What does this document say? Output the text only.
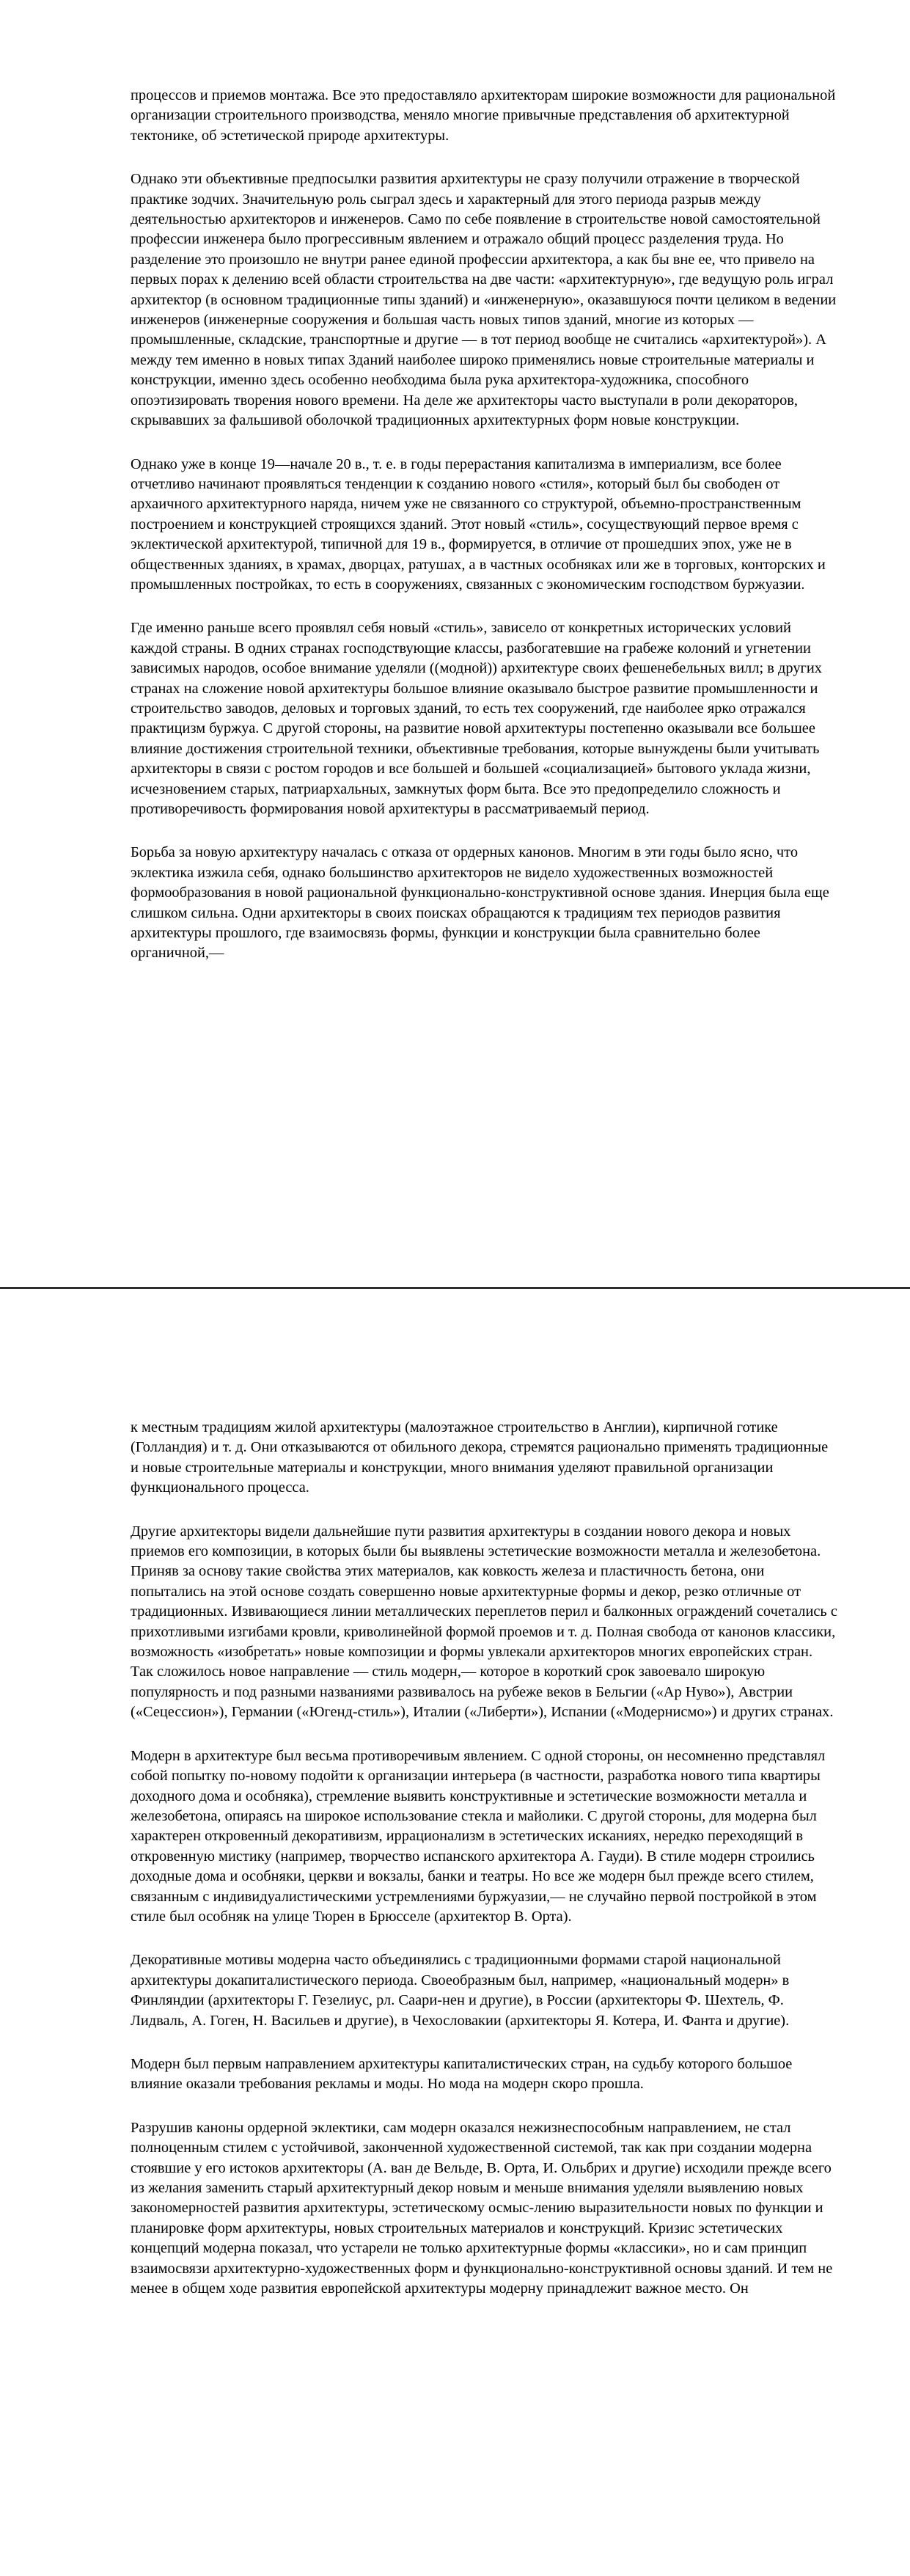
процессов и приемов монтажа. Все это предоставляло архитекторам широкие возможности для рациональной организации строительного производства, меняло многие привычные представления об архитектурной тектонике, об эстетической природе архитектуры.

Однако эти объективные предпосылки развития архитектуры не сразу получили отражение в творческой практике зодчих. Значительную роль сыграл здесь и характерный для этого периода разрыв между деятельностью архитекторов и инженеров. Само по себе появление в строительстве новой самостоятельной профессии инженера было прогрессивным явлением и отражало общий процесс разделения труда. Но разделение это произошло не внутри ранее единой профессии архитектора, а как бы вне ее, что привело на первых порах к делению всей области строительства на две части: «архитектурную», где ведущую роль играл архитектор (в основном традиционные типы зданий) и «инженерную», оказавшуюся почти целиком в ведении инженеров (инженерные сооружения и большая часть новых типов зданий, многие из которых — промышленные, складские, транспортные и другие — в тот период вообще не считались «архитектурой»). А между тем именно в новых типах Зданий наиболее широко применялись новые строительные материалы и конструкции, именно здесь особенно необходима была рука архитектора-художника, способного опоэтизировать творения нового времени. На деле же архитекторы часто выступали в роли декораторов, скрывавших за фальшивой оболочкой традиционных архитектурных форм новые конструкции.

Однако уже в конце 19—начале 20 в., т. е. в годы перерастания капитализма в империализм, все более отчетливо начинают проявляться тенденции к созданию нового «стиля», который был бы свободен от архаичного архитектурного наряда, ничем уже не связанного со структурой, объемно-пространственным построением и конструкцией строящихся зданий. Этот новый «стиль», сосуществующий первое время с эклектической архитектурой, типичной для 19 в., формируется, в отличие от прошедших эпох, уже не в общественных зданиях, в храмах, дворцах, ратушах, а в частных особняках или же в торговых, конторских и промышленных постройках, то есть в сооружениях, связанных с экономическим господством буржуазии.

Где именно раньше всего проявлял себя новый «стиль», зависело от конкретных исторических условий каждой страны. В одних странах господствующие классы, разбогатевшие на грабеже колоний и угнетении зависимых народов, особое внимание уделяли ((модной)) архитектуре своих фешенебельных вилл; в других странах на сложение новой архитектуры большое влияние оказывало быстрое развитие промышленности и строительство заводов, деловых и торговых зданий, то есть тех сооружений, где наиболее ярко отражался практицизм буржуа. С другой стороны, на развитие новой архитектуры постепенно оказывали все большее влияние достижения строительной техники, объективные требования, которые вынуждены были учитывать архитекторы в связи с ростом городов и все большей и большей «социализацией» бытового уклада жизни, исчезновением старых, патриархальных, замкнутых форм быта. Все это предопределило сложность и противоречивость формирования новой архитектуры в рассматриваемый период.

Борьба за новую архитектуру началась с отказа от ордерных канонов. Многим в эти годы было ясно, что эклектика изжила себя, однако большинство архитекторов не видело художественных возможностей формообразования в новой рациональной функционально-конструктивной основе здания. Инерция была еще слишком сильна. Одни архитекторы в своих поисках обращаются к традициям тех периодов развития архитектуры прошлого, где взаимосвязь формы, функции и конструкции была сравнительно более органичной,—

к местным традициям жилой архитектуры (малоэтажное строительство в Англии), кирпичной готике (Голландия) и т. д. Они отказываются от обильного декора, стремятся рационально применять традиционные и новые строительные материалы и конструкции, много внимания уделяют правильной организации функционального процесса.

Другие архитекторы видели дальнейшие пути развития архитектуры в создании нового декора и новых приемов его композиции, в которых были бы выявлены эстетические возможности металла и железобетона. Приняв за основу такие свойства этих материалов, как ковкость железа и пластичность бетона, они попытались на этой основе создать совершенно новые архитектурные формы и декор, резко отличные от традиционных. Извивающиеся линии металлических переплетов перил и балконных ограждений сочетались с прихотливыми изгибами кровли, криволинейной формой проемов и т. д. Полная свобода от канонов классики, возможность «изобретать» новые композиции и формы увлекали архитекторов многих европейских стран. Так сложилось новое направление — стиль модерн,— которое в короткий срок завоевало широкую популярность и под разными названиями развивалось на рубеже веков в Бельгии («Ар Нуво»), Австрии («Сецессион»), Германии («Югенд-стиль»), Италии («Либерти»), Испании («Модернисмо») и других странах.

Модерн в архитектуре был весьма противоречивым явлением. С одной стороны, он несомненно представлял собой попытку по-новому подойти к организации интерьера (в частности, разработка нового типа квартиры доходного дома и особняка), стремление выявить конструктивные и эстетические возможности металла и железобетона, опираясь на широкое использование стекла и майолики. С другой стороны, для модерна был характерен откровенный декоративизм, иррационализм в эстетических исканиях, нередко переходящий в откровенную мистику (например, творчество испанского архитектора А. Гауди). В стиле модерн строились доходные дома и особняки, церкви и вокзалы, банки и театры. Но все же модерн был прежде всего стилем, связанным с индивидуалистическими устремлениями буржуазии,— не случайно первой постройкой в этом стиле был особняк на улице Тюрен в Брюсселе (архитектор В. Орта).

Декоративные мотивы модерна часто объединялись с традиционными формами старой национальной архитектуры докапиталистического периода. Своеобразным был, например, «национальный модерн» в Финляндии (архитекторы Г. Гезелиус, рл. Саари-нен и другие), в России (архитекторы Ф. Шехтель, Ф. Лидваль, А. Гоген, Н. Васильев и другие), в Чехословакии (архитекторы Я. Котера, И. Фанта и другие).

Модерн был первым направлением архитектуры капиталистических стран, на судьбу которого большое влияние оказали требования рекламы и моды. Но мода на модерн скоро прошла.

Разрушив каноны ордерной эклектики, сам модерн оказался нежизнеспособным направлением, не стал полноценным стилем с устойчивой, законченной художественной системой, так как при создании модерна стоявшие у его истоков архитекторы (А. ван де Вельде, В. Орта, И. Ольбрих и другие) исходили прежде всего из желания заменить старый архитектурный декор новым и меньше внимания уделяли выявлению новых закономерностей развития архитектуры, эстетическому осмыс-лению выразительности новых по функции и планировке форм архитектуры, новых строительных материалов и конструкций. Кризис эстетических концепций модерна показал, что устарели не только архитектурные формы «классики», но и сам принцип взаимосвязи архитектурно-художественных форм и функционально-конструктивной основы зданий. И тем не менее в общем ходе развития европейской архитектуры модерну принадлежит важное место. Он
